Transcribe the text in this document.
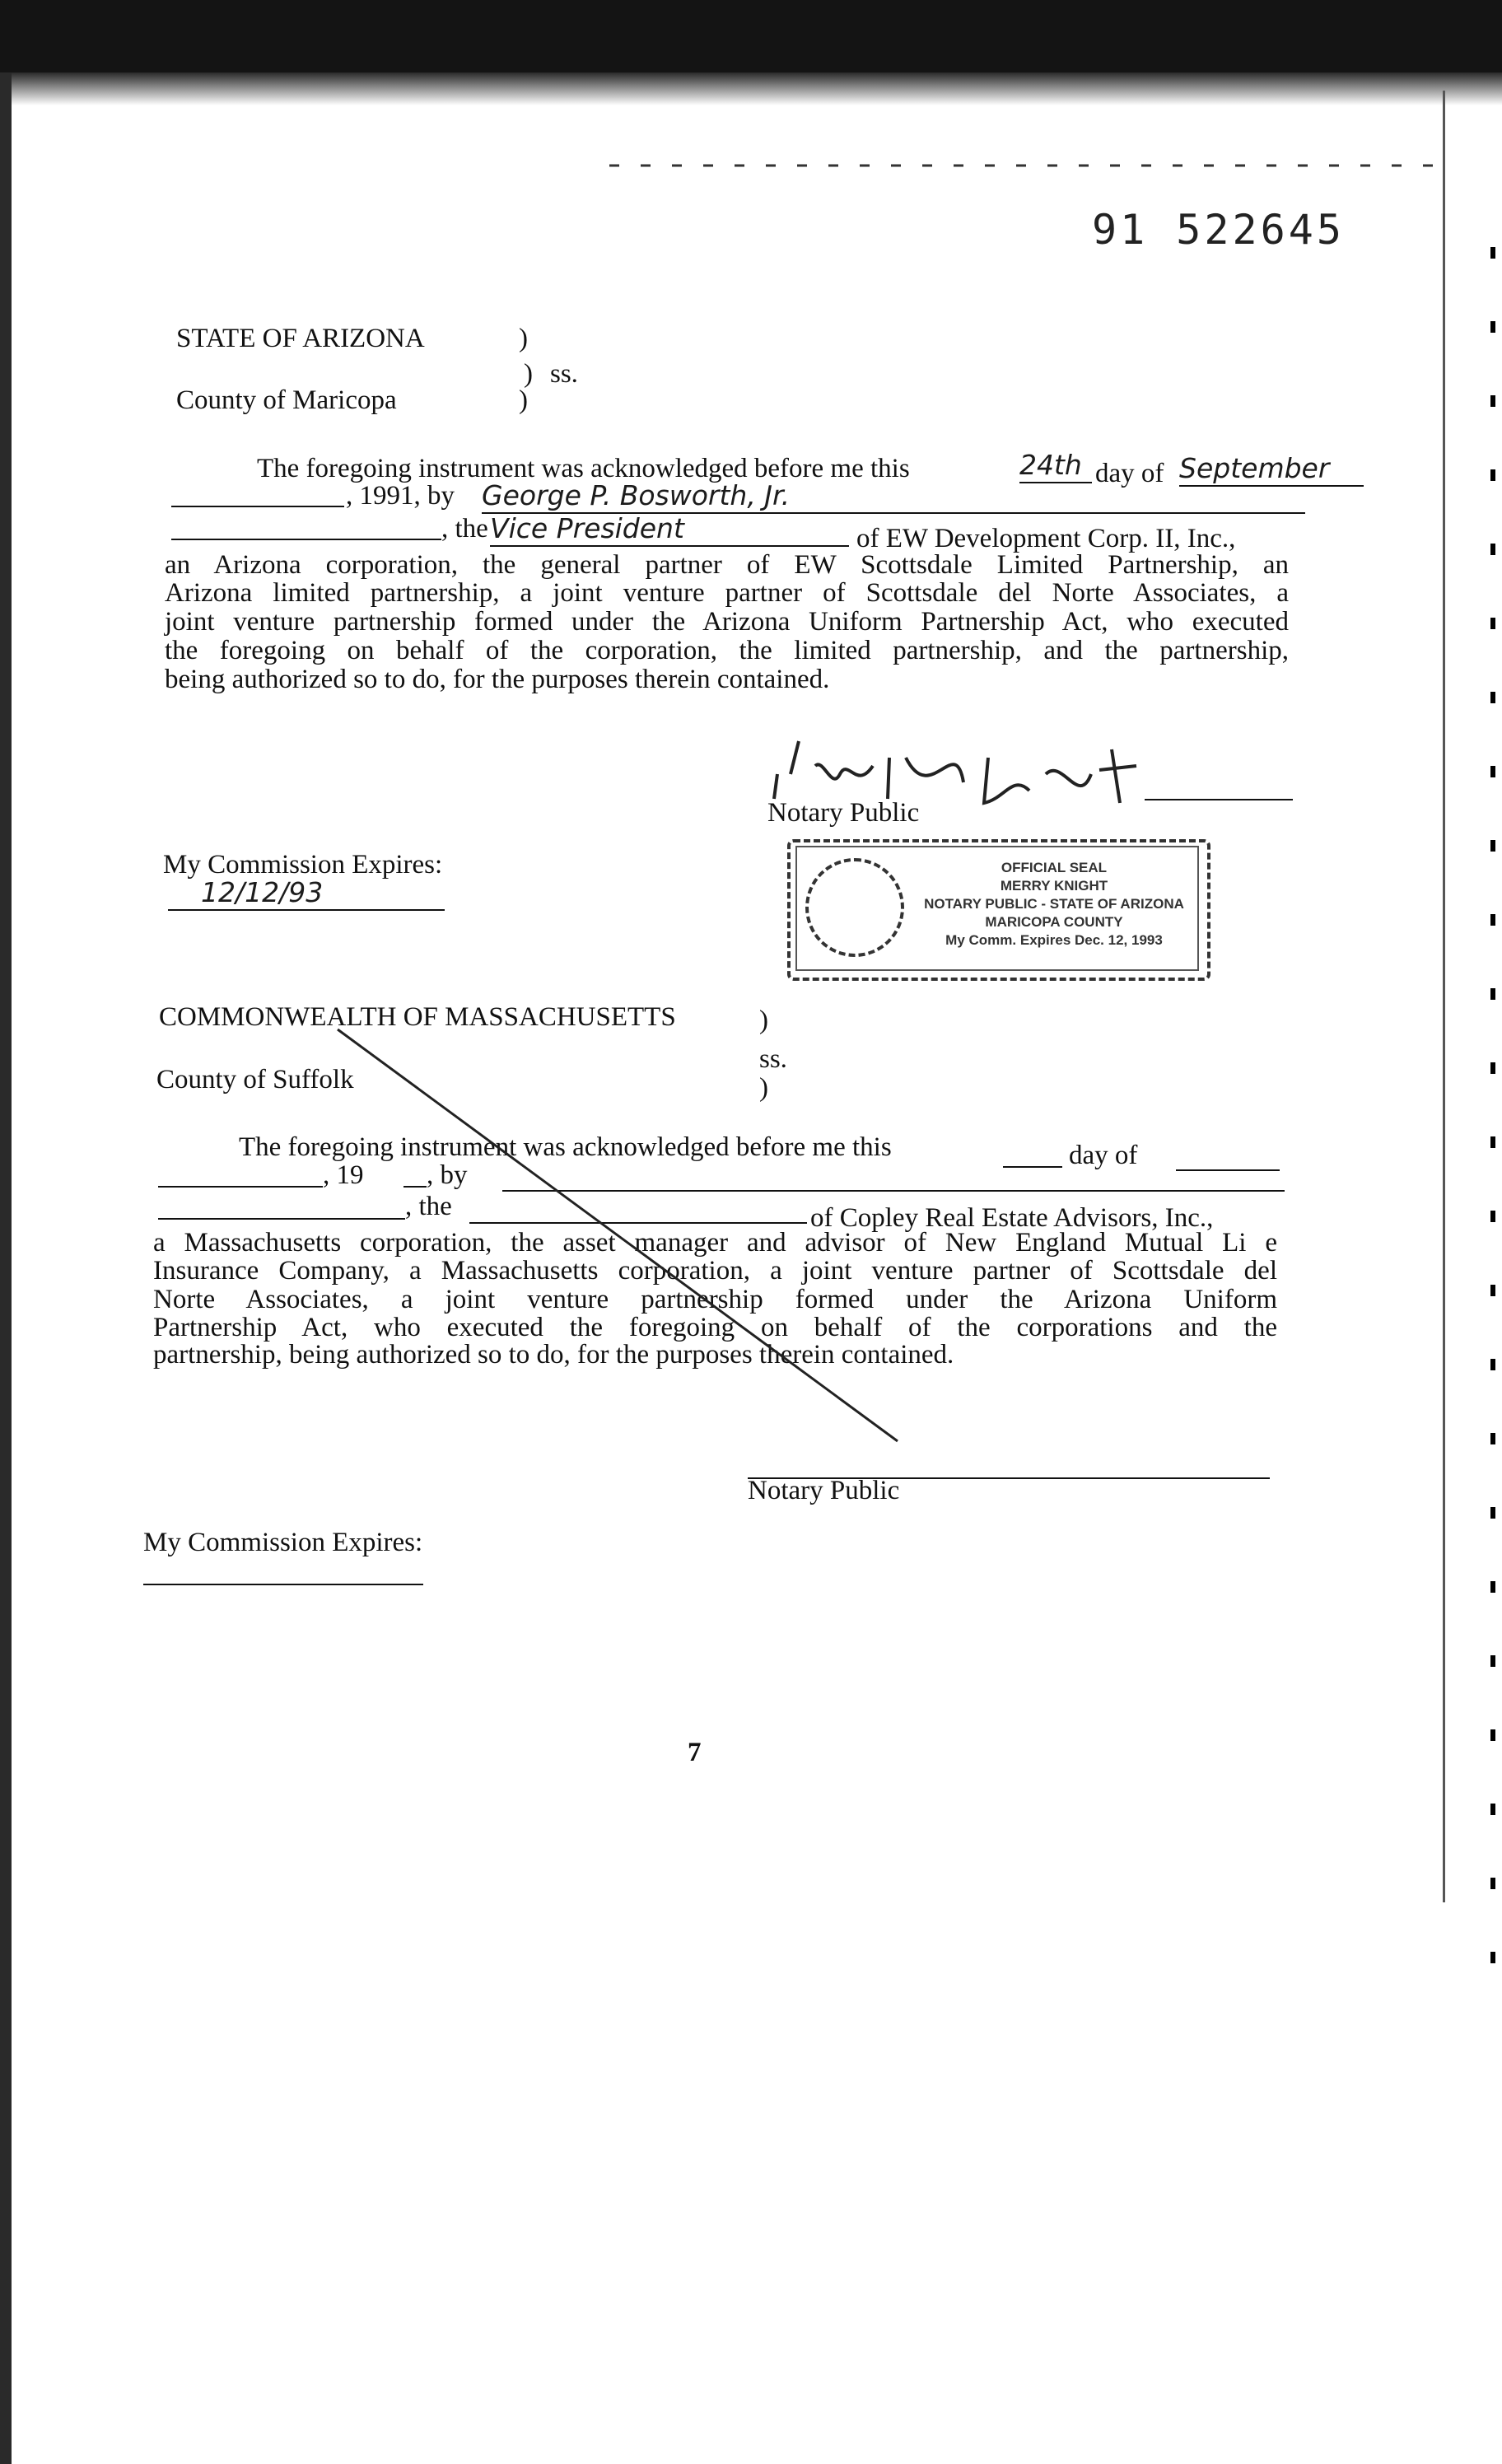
91 522645
STATE OF ARIZONA	)
) ss.
County of Maricopa	)
The foregoing instrument was acknowledged before me this	24th day of September
, 1991, by George P. Bosworth, Jr.
, the Vice President	of EW Development Corp. II, Inc.,
an Arizona corporation, the general partner of EW Scottsdale Limited Partnership, an
Arizona limited partnership, a joint venture partner of Scottsdale del Norte Associates, a
joint venture partnership formed under the Arizona Uniform Partnership Act, who executed
the foregoing on behalf of the corporation, the limited partnership, and the partnership,
being authorized so to do, for the purposes therein contained.
Notary Public
My Commission Expires:
12/12/93
OFFICIAL SEAL
MERRY KNIGHT
NOTARY PUBLIC - STATE OF ARIZONA
MARICOPA COUNTY
My Comm. Expires Dec. 12, 1993
COMMONWEALTH OF MASSACHUSETTS	)
ss.
County of Suffolk	)
The foregoing instrument was acknowledged before me this	day of
, 19 , by
, the	of Copley Real Estate Advisors, Inc.,
a Massachusetts corporation, the asset manager and advisor of New England Mutual Li e
Insurance Company, a Massachusetts corporation, a joint venture partner of Scottsdale del
Norte Associates, a joint venture partnership formed under the Arizona Uniform
Partnership Act, who executed the foregoing on behalf of the corporations and the
partnership, being authorized so to do, for the purposes therein contained.
Notary Public
My Commission Expires:
7
